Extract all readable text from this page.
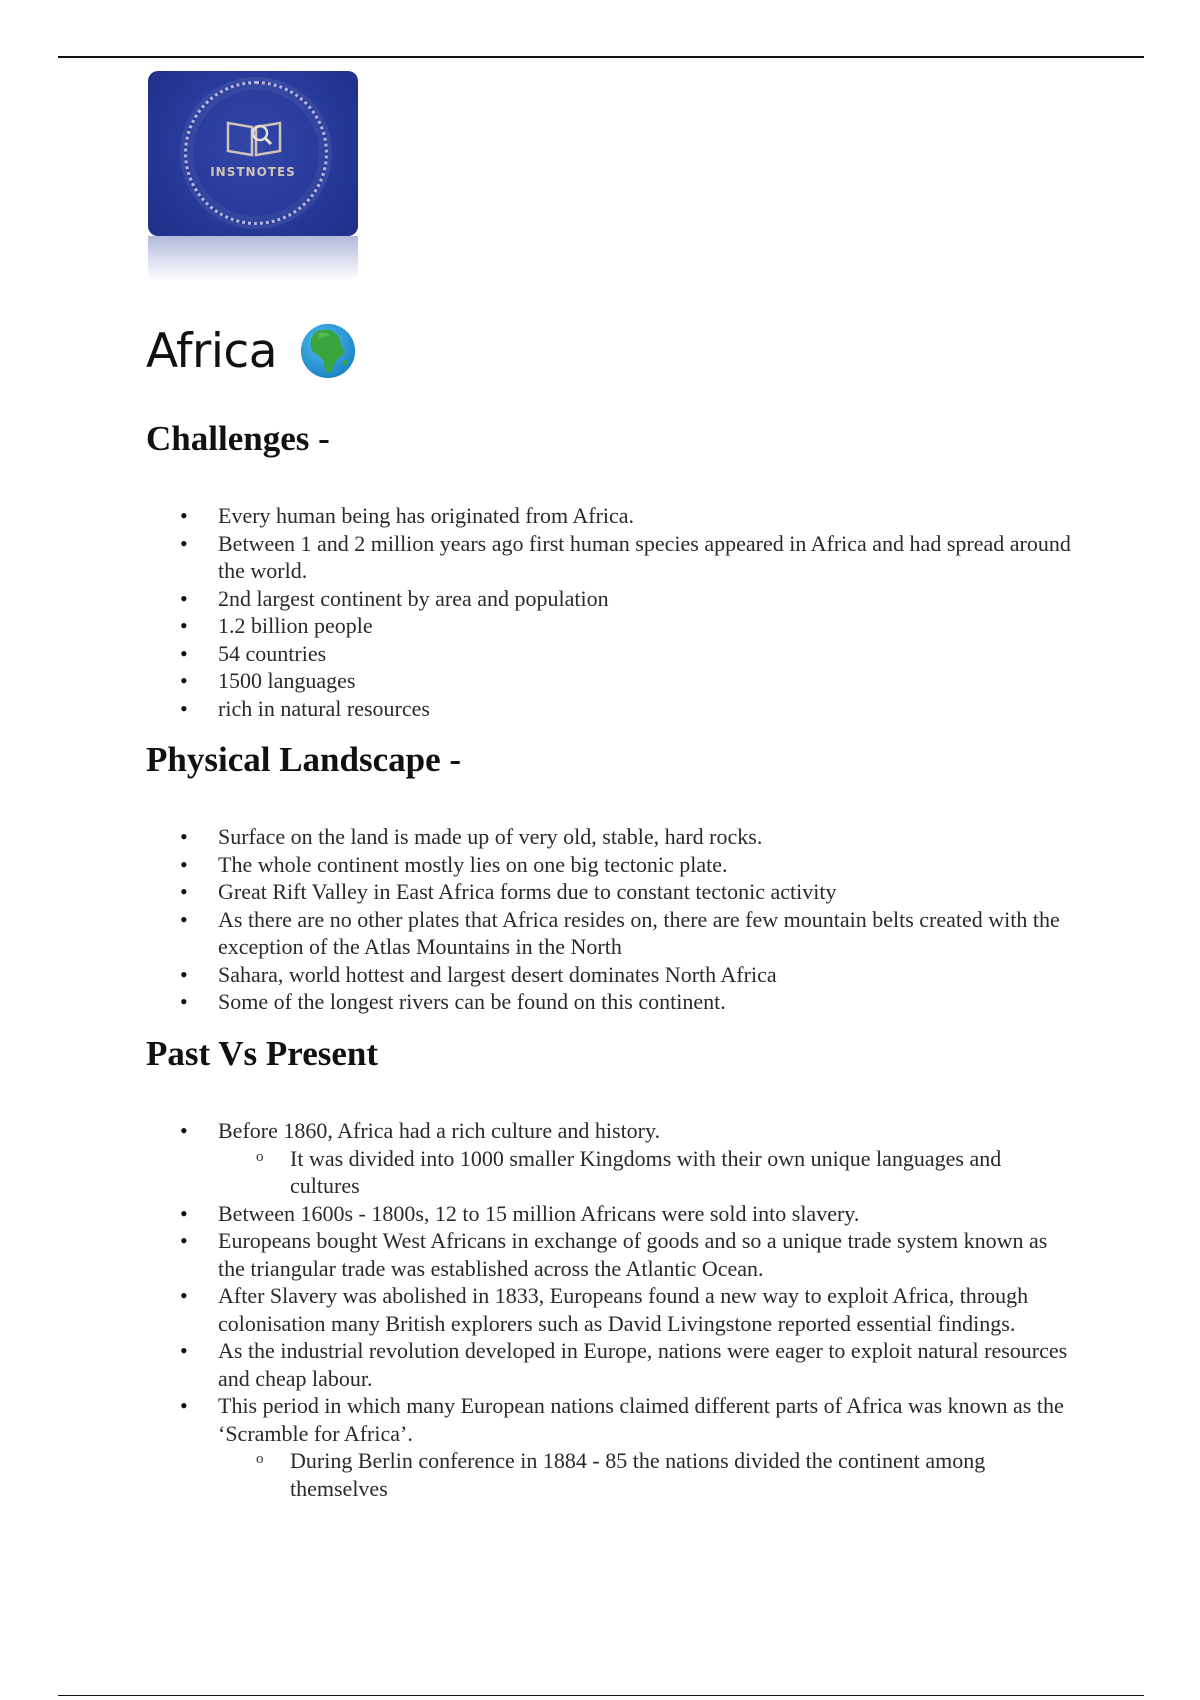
INSTNOTES
Africa
Challenges -
• Every human being has originated from Africa.
• Between 1 and 2 million years ago first human species appeared in Africa and had spread around the world.
• 2nd largest continent by area and population
• 1.2 billion people
• 54 countries
• 1500 languages
• rich in natural resources
Physical Landscape -
• Surface on the land is made up of very old, stable, hard rocks.
• The whole continent mostly lies on one big tectonic plate.
• Great Rift Valley in East Africa forms due to constant tectonic activity
• As there are no other plates that Africa resides on, there are few mountain belts created with the exception of the Atlas Mountains in the North
• Sahara, world hottest and largest desert dominates North Africa
• Some of the longest rivers can be found on this continent.
Past Vs Present
• Before 1860, Africa had a rich culture and history.
o It was divided into 1000 smaller Kingdoms with their own unique languages and cultures
• Between 1600s - 1800s, 12 to 15 million Africans were sold into slavery.
• Europeans bought West Africans in exchange of goods and so a unique trade system known as the triangular trade was established across the Atlantic Ocean.
• After Slavery was abolished in 1833, Europeans found a new way to exploit Africa, through colonisation many British explorers such as David Livingstone reported essential findings.
• As the industrial revolution developed in Europe, nations were eager to exploit natural resources and cheap labour.
• This period in which many European nations claimed different parts of Africa was known as the ‘Scramble for Africa’.
o During Berlin conference in 1884 - 85 the nations divided the continent among themselves
